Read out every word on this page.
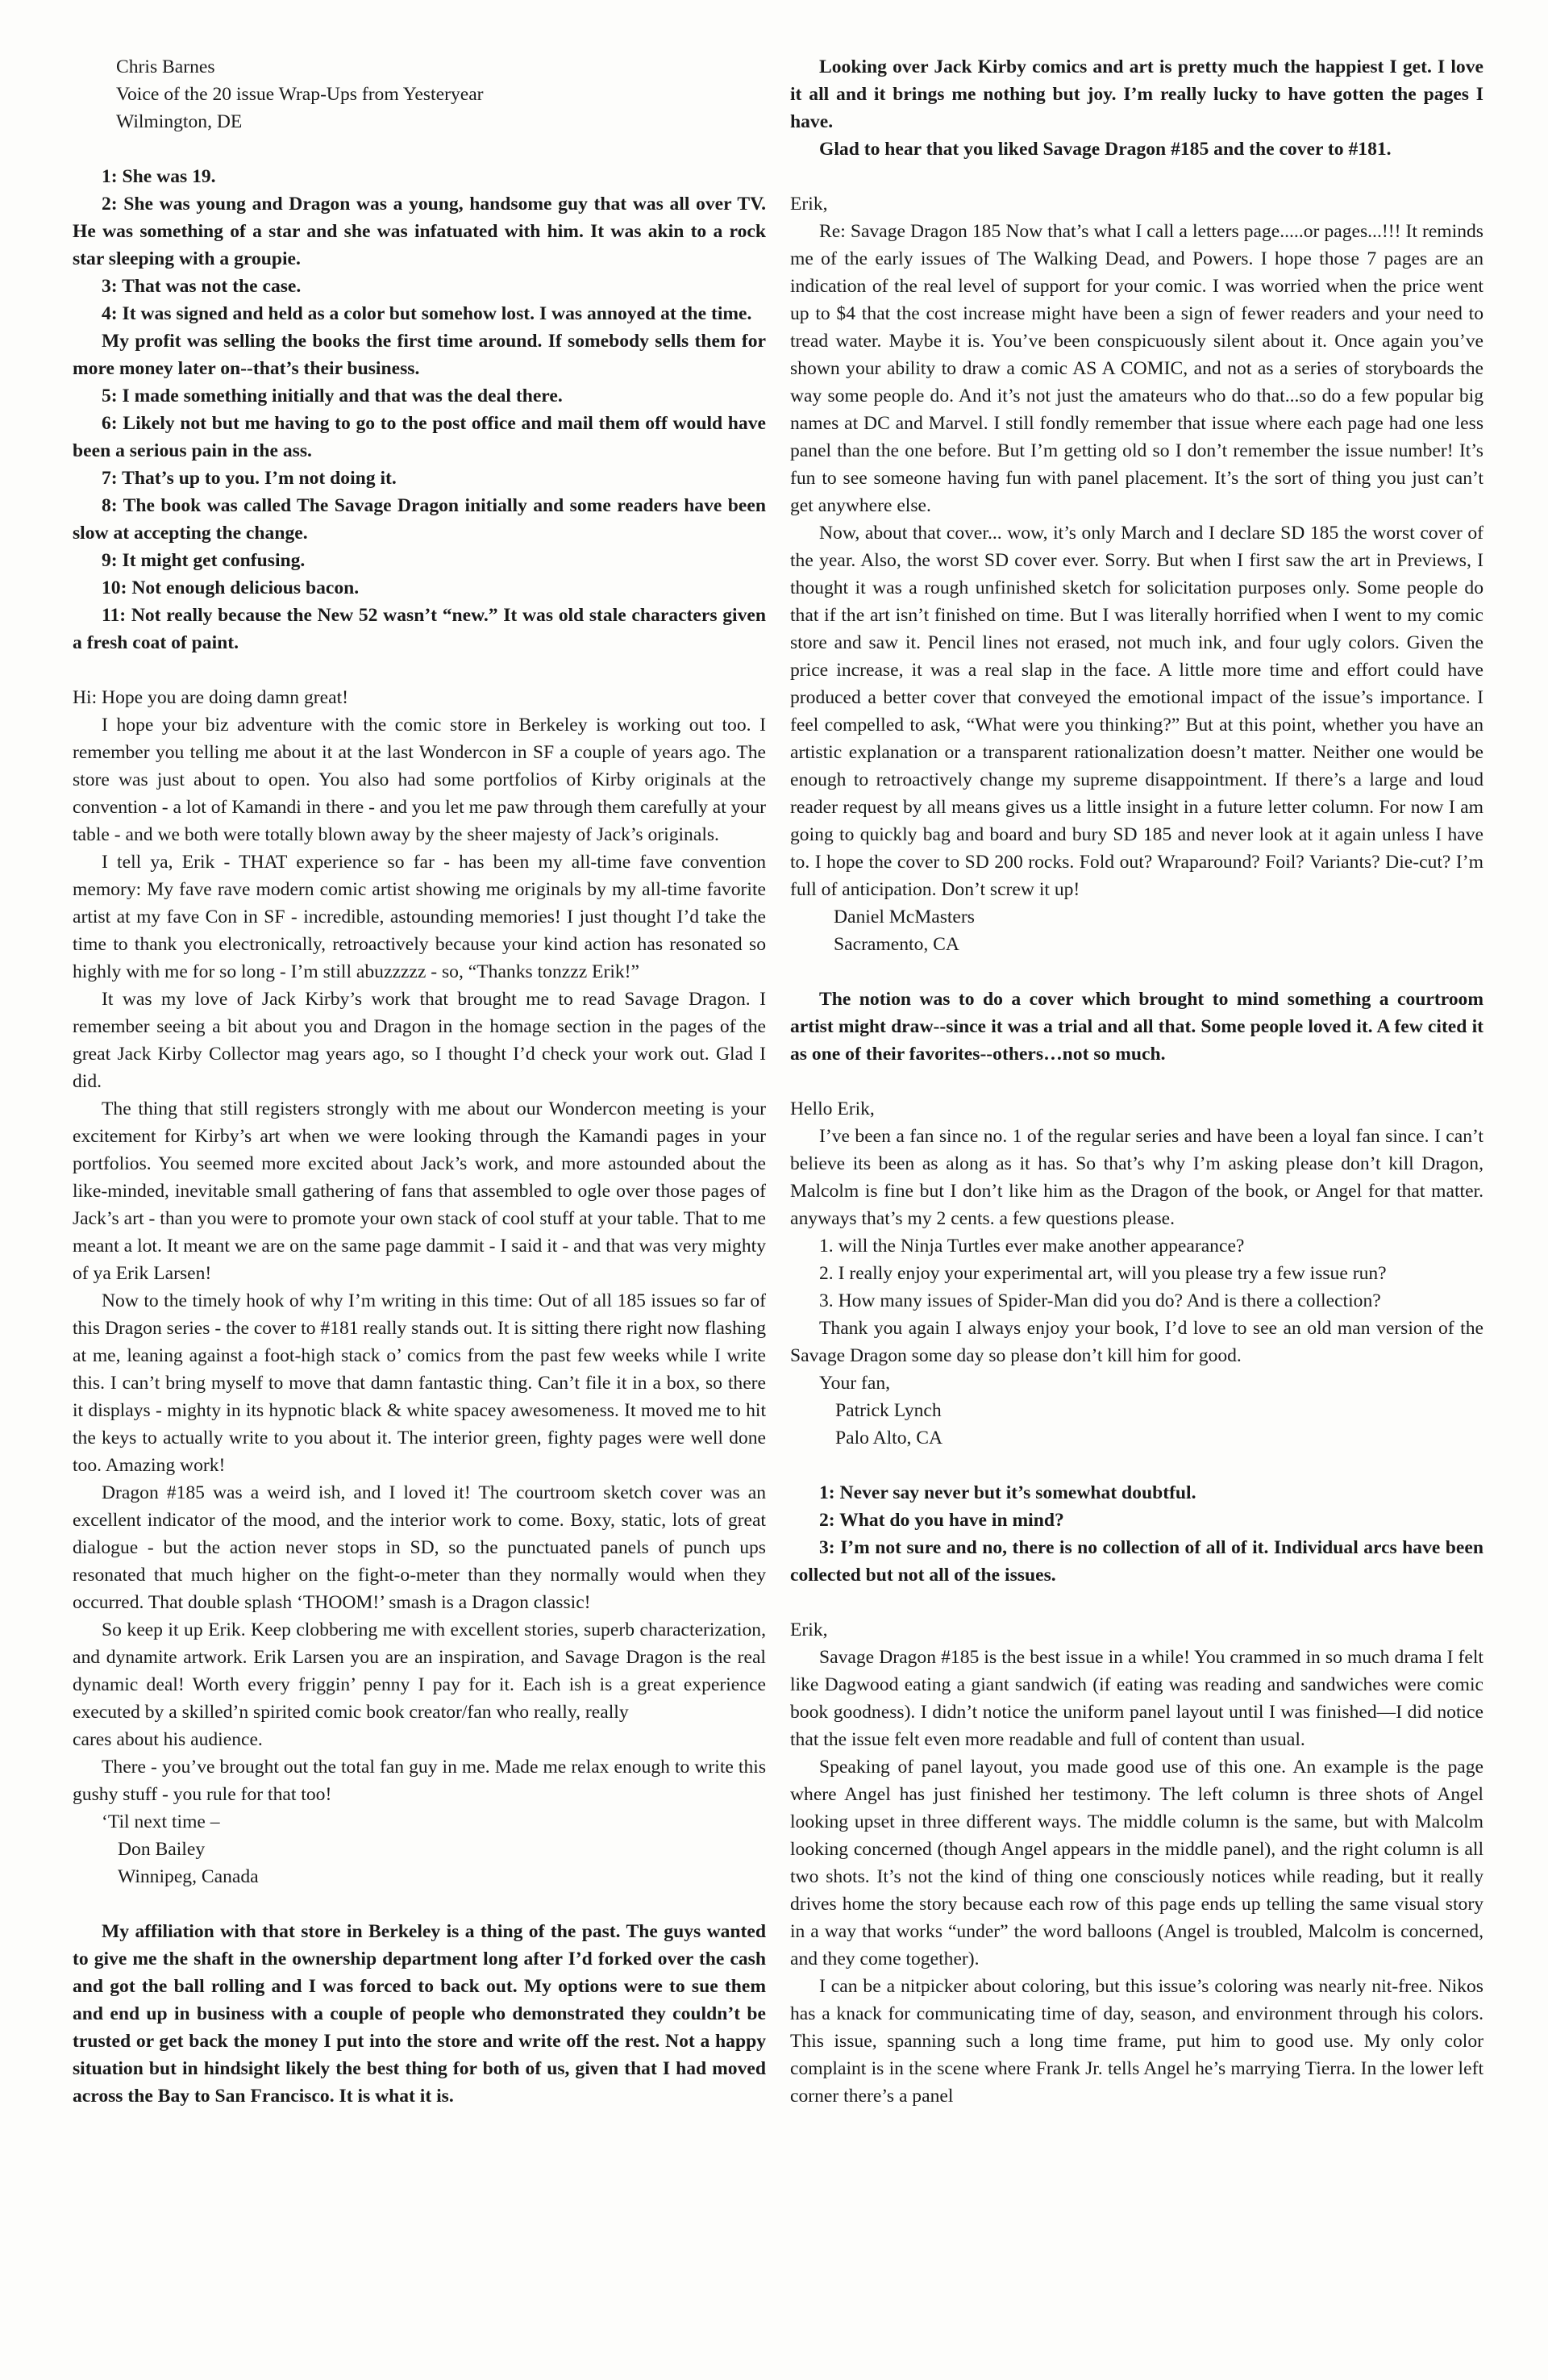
Chris Barnes
Voice of the 20 issue Wrap-Ups from Yesteryear
Wilmington, DE

1: She was 19.

2: She was young and Dragon was a young, handsome guy that was all over TV. He was something of a star and she was infatuated with him. It was akin to a rock star sleeping with a groupie.

3: That was not the case.

4: It was signed and held as a color but somehow lost. I was annoyed at the time.

My profit was selling the books the first time around. If somebody sells them for more money later on--that’s their business.

5: I made something initially and that was the deal there.

6: Likely not but me having to go to the post office and mail them off would have been a serious pain in the ass.

7: That’s up to you. I’m not doing it.

8: The book was called The Savage Dragon initially and some readers have been slow at accepting the change.

9: It might get confusing.

10: Not enough delicious bacon.

11: Not really because the New 52 wasn’t “new.” It was old stale characters given a fresh coat of paint.

Hi: Hope you are doing damn great!

I hope your biz adventure with the comic store in Berkeley is working out too. I remember you telling me about it at the last Wondercon in SF a couple of years ago. The store was just about to open. You also had some portfolios of Kirby originals at the convention - a lot of Kamandi in there - and you let me paw through them carefully at your table - and we both were totally blown away by the sheer majesty of Jack’s originals.

I tell ya, Erik - THAT experience so far - has been my all-time fave convention memory: My fave rave modern comic artist showing me originals by my all-time favorite artist at my fave Con in SF - incredible, astounding memories! I just thought I’d take the time to thank you electronically, retroactively because your kind action has resonated so highly with me for so long - I’m still abuzzzzz - so, “Thanks tonzzz Erik!”

It was my love of Jack Kirby’s work that brought me to read Savage Dragon. I remember seeing a bit about you and Dragon in the homage section in the pages of the great Jack Kirby Collector mag years ago, so I thought I’d check your work out. Glad I did.

The thing that still registers strongly with me about our Wondercon meeting is your excitement for Kirby’s art when we were looking through the Kamandi pages in your portfolios. You seemed more excited about Jack’s work, and more astounded about the like-minded, inevitable small gathering of fans that assembled to ogle over those pages of Jack’s art - than you were to promote your own stack of cool stuff at your table. That to me meant a lot. It meant we are on the same page dammit - I said it - and that was very mighty of ya Erik Larsen!

Now to the timely hook of why I’m writing in this time: Out of all 185 issues so far of this Dragon series - the cover to #181 really stands out. It is sitting there right now flashing at me, leaning against a foot-high stack o’ comics from the past few weeks while I write this. I can’t bring myself to move that damn fantastic thing. Can’t file it in a box, so there it displays - mighty in its hypnotic black & white spacey awesomeness. It moved me to hit the keys to actually write to you about it. The interior green, fighty pages were well done too. Amazing work!

Dragon #185 was a weird ish, and I loved it! The courtroom sketch cover was an excellent indicator of the mood, and the interior work to come. Boxy, static, lots of great dialogue - but the action never stops in SD, so the punctuated panels of punch ups resonated that much higher on the fight-o-meter than they normally would when they occurred. That double splash ‘THOOM!’ smash is a Dragon classic!

So keep it up Erik. Keep clobbering me with excellent stories, superb characterization, and dynamite artwork. Erik Larsen you are an inspiration, and Savage Dragon is the real dynamic deal! Worth every friggin’ penny I pay for it. Each ish is a great experience executed by a skilled’n spirited comic book creator/fan who really, really

cares about his audience.

There - you’ve brought out the total fan guy in me. Made me relax enough to write this gushy stuff - you rule for that too!

‘Til next time –

Don Bailey
Winnipeg, Canada

My affiliation with that store in Berkeley is a thing of the past. The guys wanted to give me the shaft in the ownership department long after I’d forked over the cash and got the ball rolling and I was forced to back out. My options were to sue them and end up in business with a couple of people who demonstrated they couldn’t be trusted or get back the money I put into the store and write off the rest. Not a happy situation but in hindsight likely the best thing for both of us, given that I had moved across the Bay to San Francisco. It is what it is.

Looking over Jack Kirby comics and art is pretty much the happiest I get. I love it all and it brings me nothing but joy. I’m really lucky to have gotten the pages I have.

Glad to hear that you liked Savage Dragon #185 and the cover to #181.

Erik,

Re: Savage Dragon 185 Now that’s what I call a letters page.....or pages...!!! It reminds me of the early issues of The Walking Dead, and Powers. I hope those 7 pages are an indication of the real level of support for your comic. I was worried when the price went up to $4 that the cost increase might have been a sign of fewer readers and your need to tread water. Maybe it is. You’ve been conspicuously silent about it. Once again you’ve shown your ability to draw a comic AS A COMIC, and not as a series of storyboards the way some people do. And it’s not just the amateurs who do that...so do a few popular big names at DC and Marvel. I still fondly remember that issue where each page had one less panel than the one before. But I’m getting old so I don’t remember the issue number! It’s fun to see someone having fun with panel placement. It’s the sort of thing you just can’t get anywhere else.

Now, about that cover... wow, it’s only March and I declare SD 185 the worst cover of the year. Also, the worst SD cover ever. Sorry. But when I first saw the art in Previews, I thought it was a rough unfinished sketch for solicitation purposes only. Some people do that if the art isn’t finished on time. But I was literally horrified when I went to my comic store and saw it. Pencil lines not erased, not much ink, and four ugly colors. Given the price increase, it was a real slap in the face. A little more time and effort could have produced a better cover that conveyed the emotional impact of the issue’s importance. I feel compelled to ask, “What were you thinking?” But at this point, whether you have an artistic explanation or a transparent rationalization doesn’t matter. Neither one would be enough to retroactively change my supreme disappointment. If there’s a large and loud reader request by all means gives us a little insight in a future letter column. For now I am going to quickly bag and board and bury SD 185 and never look at it again unless I have to. I hope the cover to SD 200 rocks. Fold out? Wraparound? Foil? Variants? Die-cut? I’m full of anticipation. Don’t screw it up!

Daniel McMasters
Sacramento, CA

The notion was to do a cover which brought to mind something a courtroom artist might draw--since it was a trial and all that. Some people loved it. A few cited it as one of their favorites--others…not so much.

Hello Erik,

I’ve been a fan since no. 1 of the regular series and have been a loyal fan since. I can’t believe its been as along as it has. So that’s why I’m asking please don’t kill Dragon, Malcolm is fine but I don’t like him as the Dragon of the book, or Angel for that matter. anyways that’s my 2 cents. a few questions please.

1. will the Ninja Turtles ever make another appearance?

2. I really enjoy your experimental art, will you please try a few issue run?

3. How many issues of Spider-Man did you do? And is there a collection?

Thank you again I always enjoy your book, I’d love to see an old man version of the Savage Dragon some day so please don’t kill him for good.

Your fan,

Patrick Lynch
Palo Alto, CA

1: Never say never but it’s somewhat doubtful.

2: What do you have in mind?

3: I’m not sure and no, there is no collection of all of it. Individual arcs have been collected but not all of the issues.

Erik,

Savage Dragon #185 is the best issue in a while! You crammed in so much drama I felt like Dagwood eating a giant sandwich (if eating was reading and sandwiches were comic book goodness). I didn’t notice the uniform panel layout until I was finished—I did notice that the issue felt even more readable and full of content than usual.

Speaking of panel layout, you made good use of this one. An example is the page where Angel has just finished her testimony. The left column is three shots of Angel looking upset in three different ways. The middle column is the same, but with Malcolm looking concerned (though Angel appears in the middle panel), and the right column is all two shots. It’s not the kind of thing one consciously notices while reading, but it really drives home the story because each row of this page ends up telling the same visual story in a way that works “under” the word balloons (Angel is troubled, Malcolm is concerned, and they come together).

I can be a nitpicker about coloring, but this issue’s coloring was nearly nit-free. Nikos has a knack for communicating time of day, season, and environment through his colors. This issue, spanning such a long time frame, put him to good use. My only color complaint is in the scene where Frank Jr. tells Angel he’s marrying Tierra. In the lower left corner there’s a panel
